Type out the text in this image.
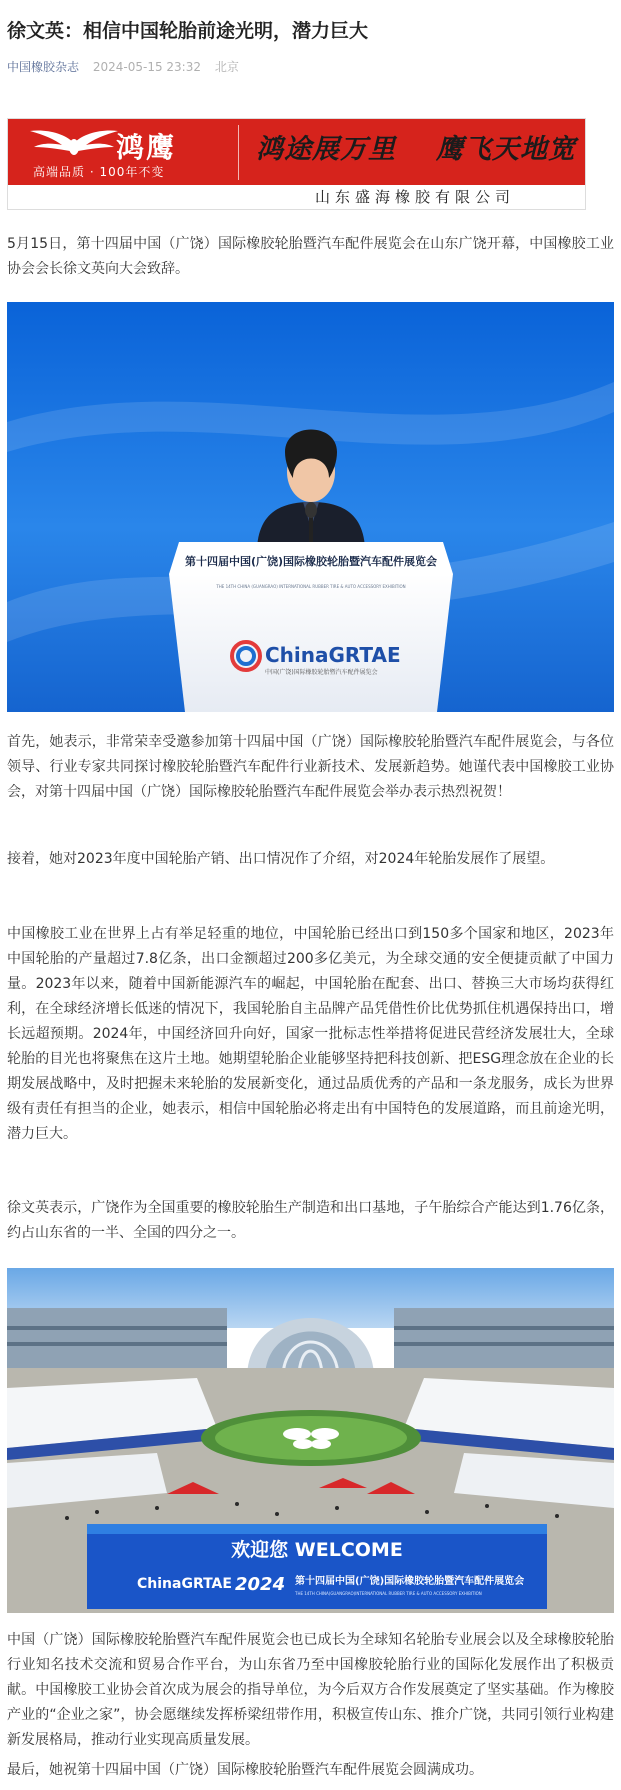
徐文英：相信中国轮胎前途光明，潜力巨大
中国橡胶杂志 2024-05-15 23:32 北京
鸿鹰
高端品质 · 100年不变
鸿途展万里 鹰飞天地宽
山东盛海橡胶有限公司

5月15日，第十四届中国（广饶）国际橡胶轮胎暨汽车配件展览会在山东广饶开幕，中国橡胶工业协会会长徐文英向大会致辞。

第十四届中国(广饶)国际橡胶轮胎暨汽车配件展览会
THE 14TH CHINA (GUANGRAO) INTERNATIONAL RUBBER TIRE & AUTO ACCESSORY EXHIBITION
ChinaGRTAE
中国(广饶)国际橡胶轮胎暨汽车配件展览会

首先，她表示，非常荣幸受邀参加第十四届中国（广饶）国际橡胶轮胎暨汽车配件展览会，与各位领导、行业专家共同探讨橡胶轮胎暨汽车配件行业新技术、发展新趋势。她谨代表中国橡胶工业协会，对第十四届中国（广饶）国际橡胶轮胎暨汽车配件展览会举办表示热烈祝贺！

接着，她对2023年度中国轮胎产销、出口情况作了介绍，对2024年轮胎发展作了展望。

中国橡胶工业在世界上占有举足轻重的地位，中国轮胎已经出口到150多个国家和地区，2023年中国轮胎的产量超过7.8亿条，出口金额超过200多亿美元，为全球交通的安全便捷贡献了中国力量。2023年以来，随着中国新能源汽车的崛起，中国轮胎在配套、出口、替换三大市场均获得红利，在全球经济增长低迷的情况下，我国轮胎自主品牌产品凭借性价比优势抓住机遇保持出口，增长远超预期。2024年，中国经济回升向好，国家一批标志性举措将促进民营经济发展壮大，全球轮胎的目光也将聚焦在这片土地。她期望轮胎企业能够坚持把科技创新、把ESG理念放在企业的长期发展战略中，及时把握未来轮胎的发展新变化，通过品质优秀的产品和一条龙服务，成长为世界级有责任有担当的企业，她表示，相信中国轮胎必将走出有中国特色的发展道路，而且前途光明，潜力巨大。

徐文英表示，广饶作为全国重要的橡胶轮胎生产制造和出口基地，子午胎综合产能达到1.76亿条，约占山东省的一半、全国的四分之一。

欢迎您 WELCOME
ChinaGRTAE 2024 第十四届中国(广饶)国际橡胶轮胎暨汽车配件展览会
THE 14TH CHINA(GUANGRAO)INTERNATIONAL RUBBER TIRE & AUTO ACCESSORY EXHIBITION

中国（广饶）国际橡胶轮胎暨汽车配件展览会也已成长为全球知名轮胎专业展会以及全球橡胶轮胎行业知名技术交流和贸易合作平台，为山东省乃至中国橡胶轮胎行业的国际化发展作出了积极贡献。中国橡胶工业协会首次成为展会的指导单位，为今后双方合作发展奠定了坚实基础。作为橡胶产业的“企业之家”，协会愿继续发挥桥梁纽带作用，积极宣传山东、推介广饶，共同引领行业构建新发展格局，推动行业实现高质量发展。

最后，她祝第十四届中国（广饶）国际橡胶轮胎暨汽车配件展览会圆满成功。
